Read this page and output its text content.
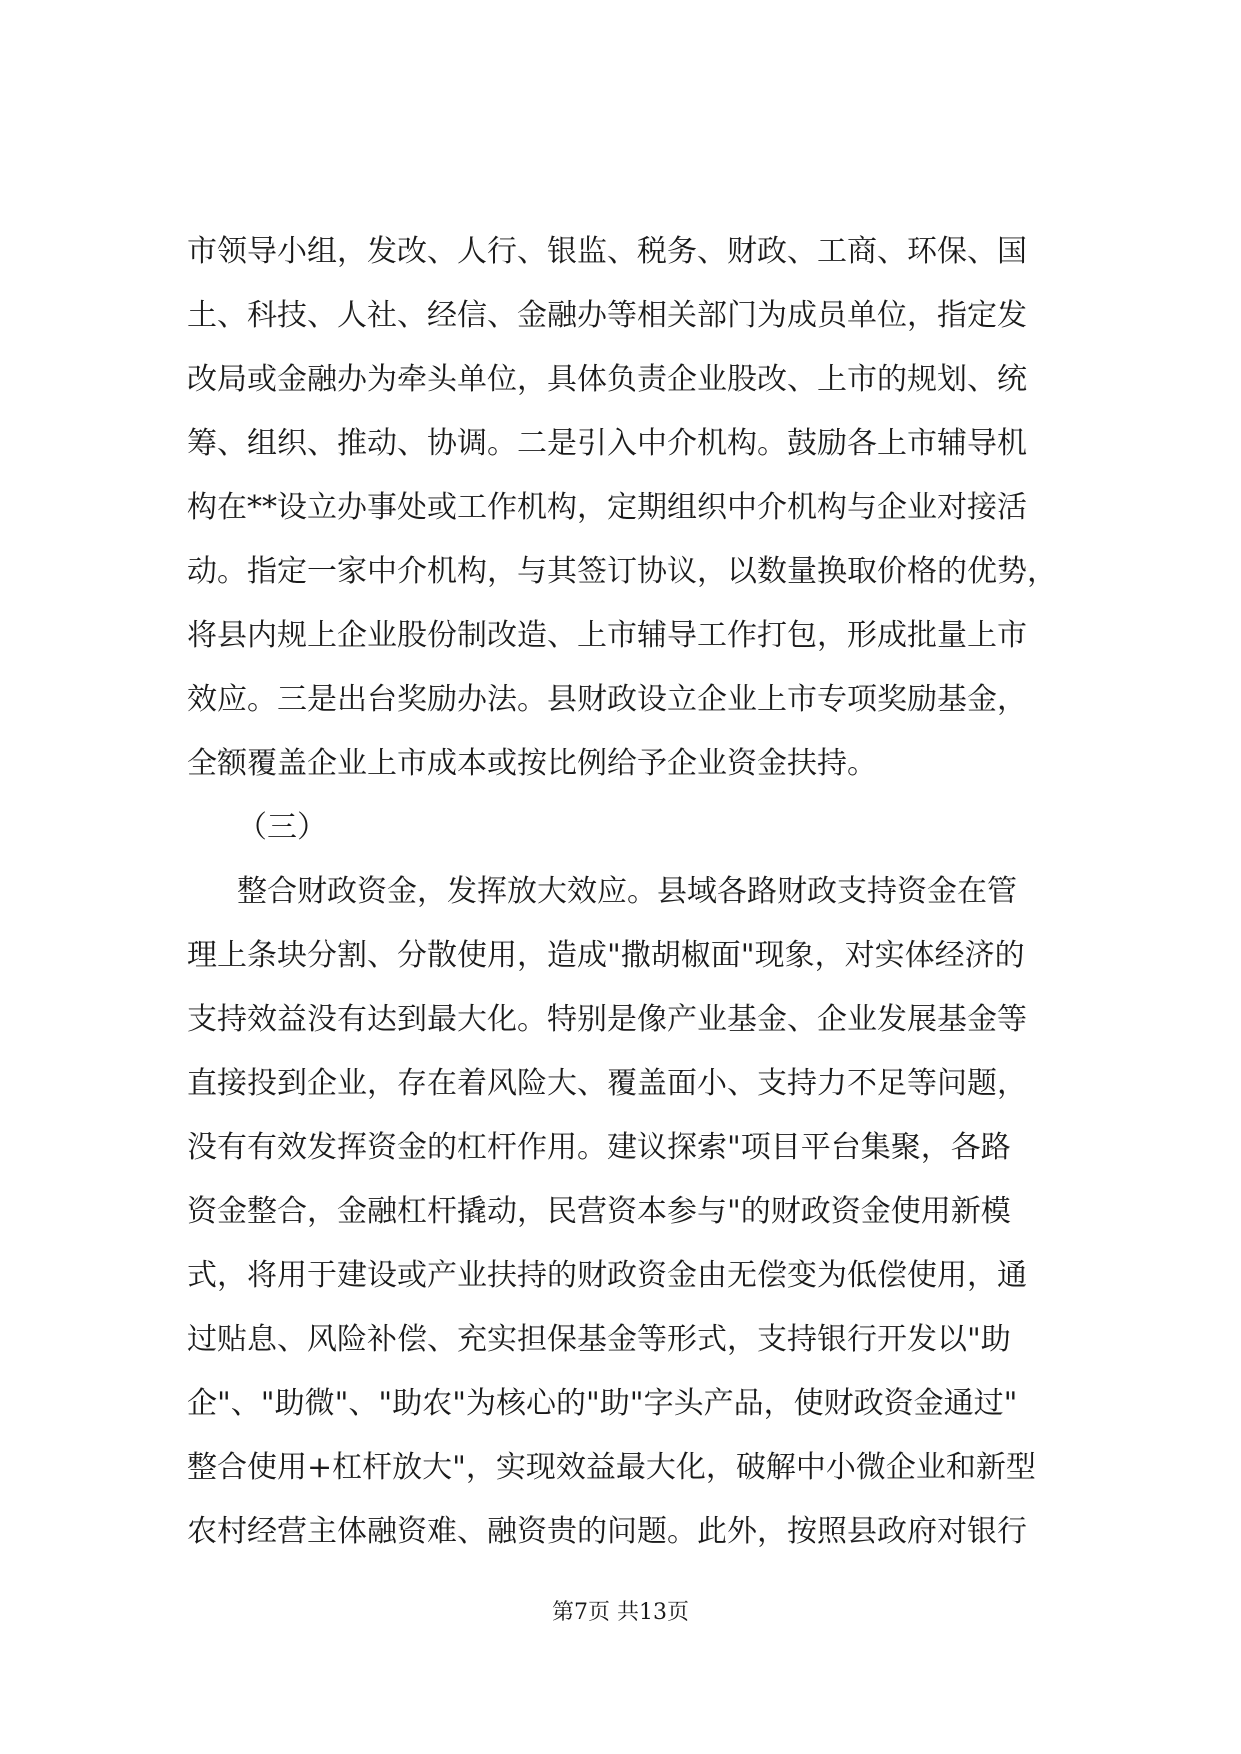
市领导小组，发改、人行、银监、税务、财政、工商、环保、国
土、科技、人社、经信、金融办等相关部门为成员单位，指定发
改局或金融办为牵头单位，具体负责企业股改、上市的规划、统
筹、组织、推动、协调。二是引入中介机构。鼓励各上市辅导机
构在**设立办事处或工作机构，定期组织中介机构与企业对接活
动。指定一家中介机构，与其签订协议，以数量换取价格的优势，
将县内规上企业股份制改造、上市辅导工作打包，形成批量上市
效应。三是出台奖励办法。县财政设立企业上市专项奖励基金，
全额覆盖企业上市成本或按比例给予企业资金扶持。
（三）
整合财政资金，发挥放大效应。县域各路财政支持资金在管
理上条块分割、分散使用，造成"撒胡椒面"现象，对实体经济的
支持效益没有达到最大化。特别是像产业基金、企业发展基金等
直接投到企业，存在着风险大、覆盖面小、支持力不足等问题，
没有有效发挥资金的杠杆作用。建议探索"项目平台集聚，各路
资金整合，金融杠杆撬动，民营资本参与"的财政资金使用新模
式，将用于建设或产业扶持的财政资金由无偿变为低偿使用，通
过贴息、风险补偿、充实担保基金等形式，支持银行开发以"助
企"、"助微"、"助农"为核心的"助"字头产品，使财政资金通过"
整合使用+杠杆放大"，实现效益最大化，破解中小微企业和新型
农村经营主体融资难、融资贵的问题。此外，按照县政府对银行
第7页 共13页
